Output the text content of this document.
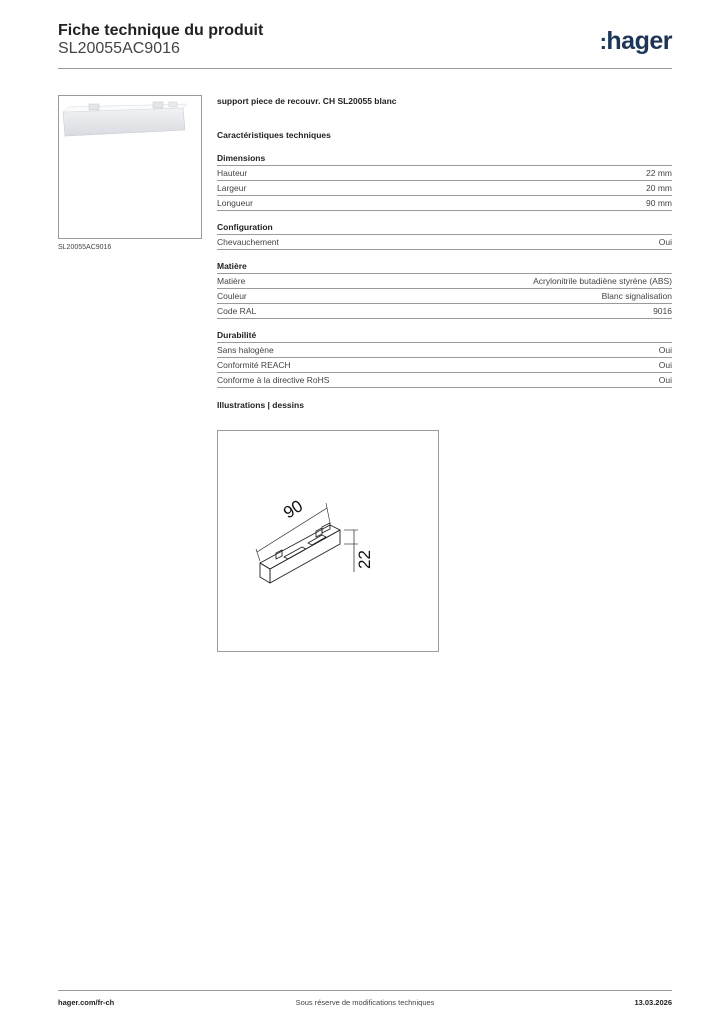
Fiche technique du produit
SL20055AC9016	:hager
SL20055AC9016

support piece de recouvr. CH SL20055 blanc

Caractéristiques techniques

Dimensions
Hauteur	22 mm
Largeur	20 mm
Longueur	90 mm
Configuration
Chevauchement	Oui
Matière
Matière	Acrylonitrile butadiène styrène (ABS)
Couleur	Blanc signalisation
Code RAL	9016
Durabilité
Sans halogène	Oui
Conformité REACH	Oui
Conforme à la directive RoHS	Oui
Illustrations | dessins
90
22
hager.com/fr-ch	Sous réserve de modifications techniques	13.03.2026
